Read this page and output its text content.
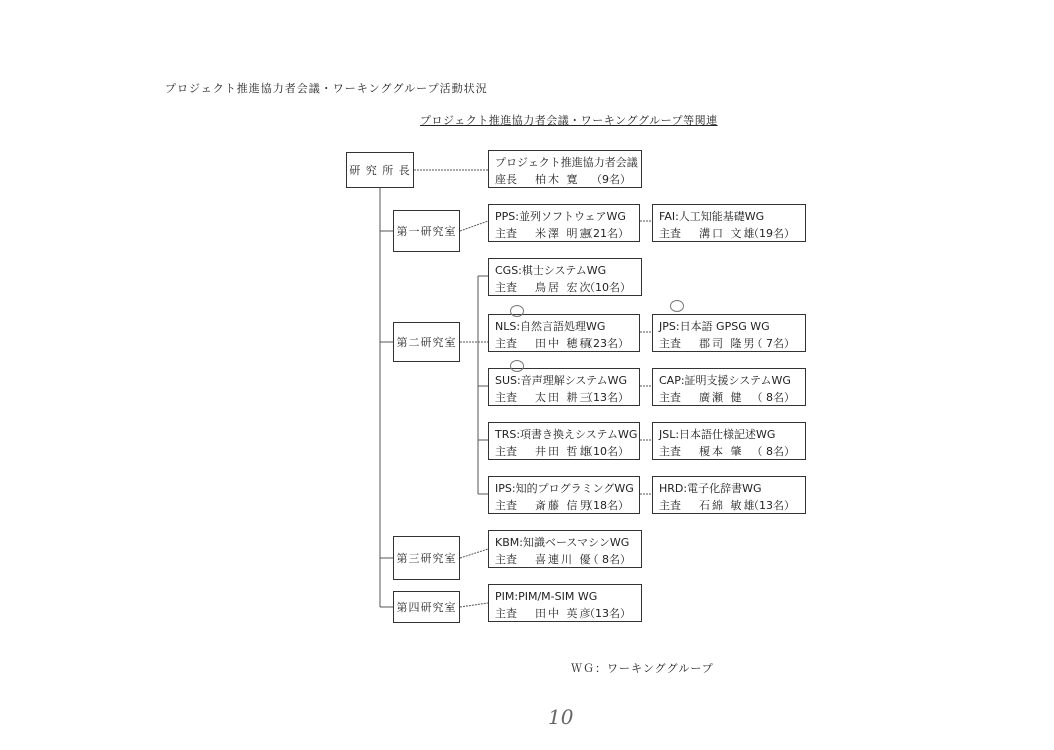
プロジェクト推進協力者会議・ワーキンググループ活動状況
プロジェクト推進協力者会議・ワーキンググループ等関連
研 究 所 長
プロジェクト推進協力者会議
座長 柏木 寛 （9名）
第一研究室
第二研究室
第三研究室
第四研究室
PPS:並列ソフトウェアWG
主査 米澤 明憲
（21名）
FAI:人工知能基礎WG
主査 溝口 文雄
（19名）
CGS:棋士システムWG
主査 鳥居 宏次
（10名）
NLS:自然言語処理WG
主査 田中 穂積
（23名）
JPS:日本語 GPSG WG
主査 郡司 隆男
（ 7名）
SUS:音声理解システムWG
主査 太田 耕三
（13名）
CAP:証明支援システムWG
主査 廣瀬 健 （ 8名）
TRS:項書き換えシステムWG
主査 井田 哲雄
（10名）
JSL:日本語仕様記述WG
主査 榎本 肇 （ 8名）
IPS:知的プログラミングWG
主査 斎藤 信男
（18名）
HRD:電子化辞書WG
主査 石綿 敏雄
（13名）
KBM:知識ベースマシンWG
主査 喜連川 優
（ 8名）
PIM:PIM/M-SIM WG
主査 田中 英彦
（13名）
ＷＧ：ワーキンググループ
10
